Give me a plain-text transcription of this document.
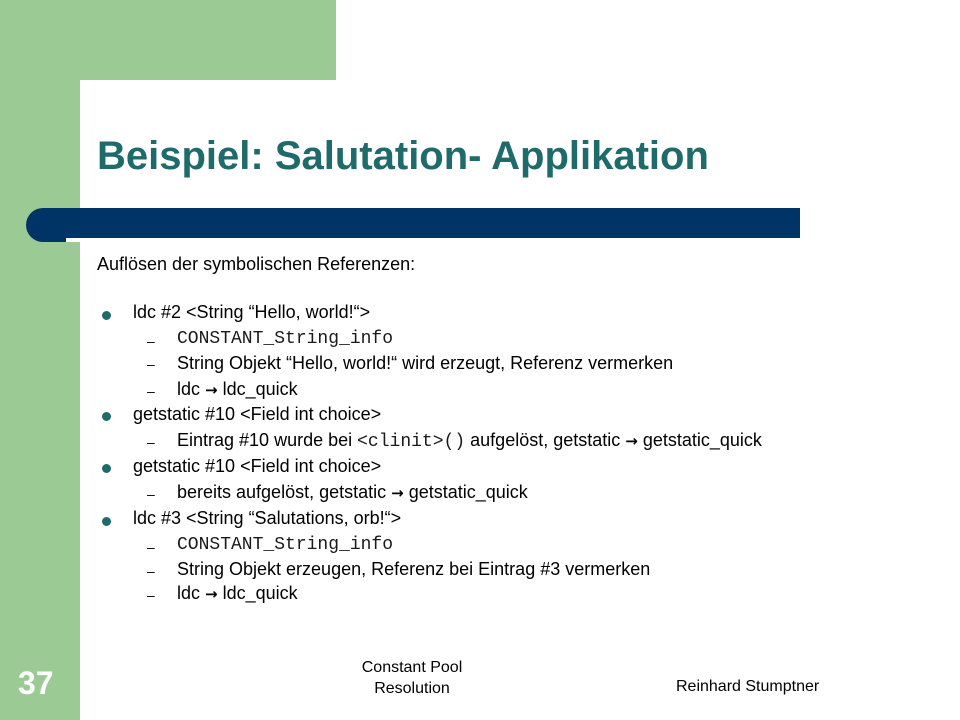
Beispiel: Salutation- Applikation
Auflösen der symbolischen Referenzen:
ldc #2 <String “Hello, world!“>
– CONSTANT_String_info
– String Objekt “Hello, world!“ wird erzeugt, Referenz vermerken
– ldc → ldc_quick
getstatic #10 <Field int choice>
– Eintrag #10 wurde bei <clinit>() aufgelöst, getstatic → getstatic_quick
getstatic #10 <Field int choice>
– bereits aufgelöst, getstatic → getstatic_quick
ldc #3 <String “Salutations, orb!“>
– CONSTANT_String_info
– String Objekt erzeugen, Referenz bei Eintrag #3 vermerken
– ldc → ldc_quick
37	Constant Pool
Resolution	Reinhard Stumptner
